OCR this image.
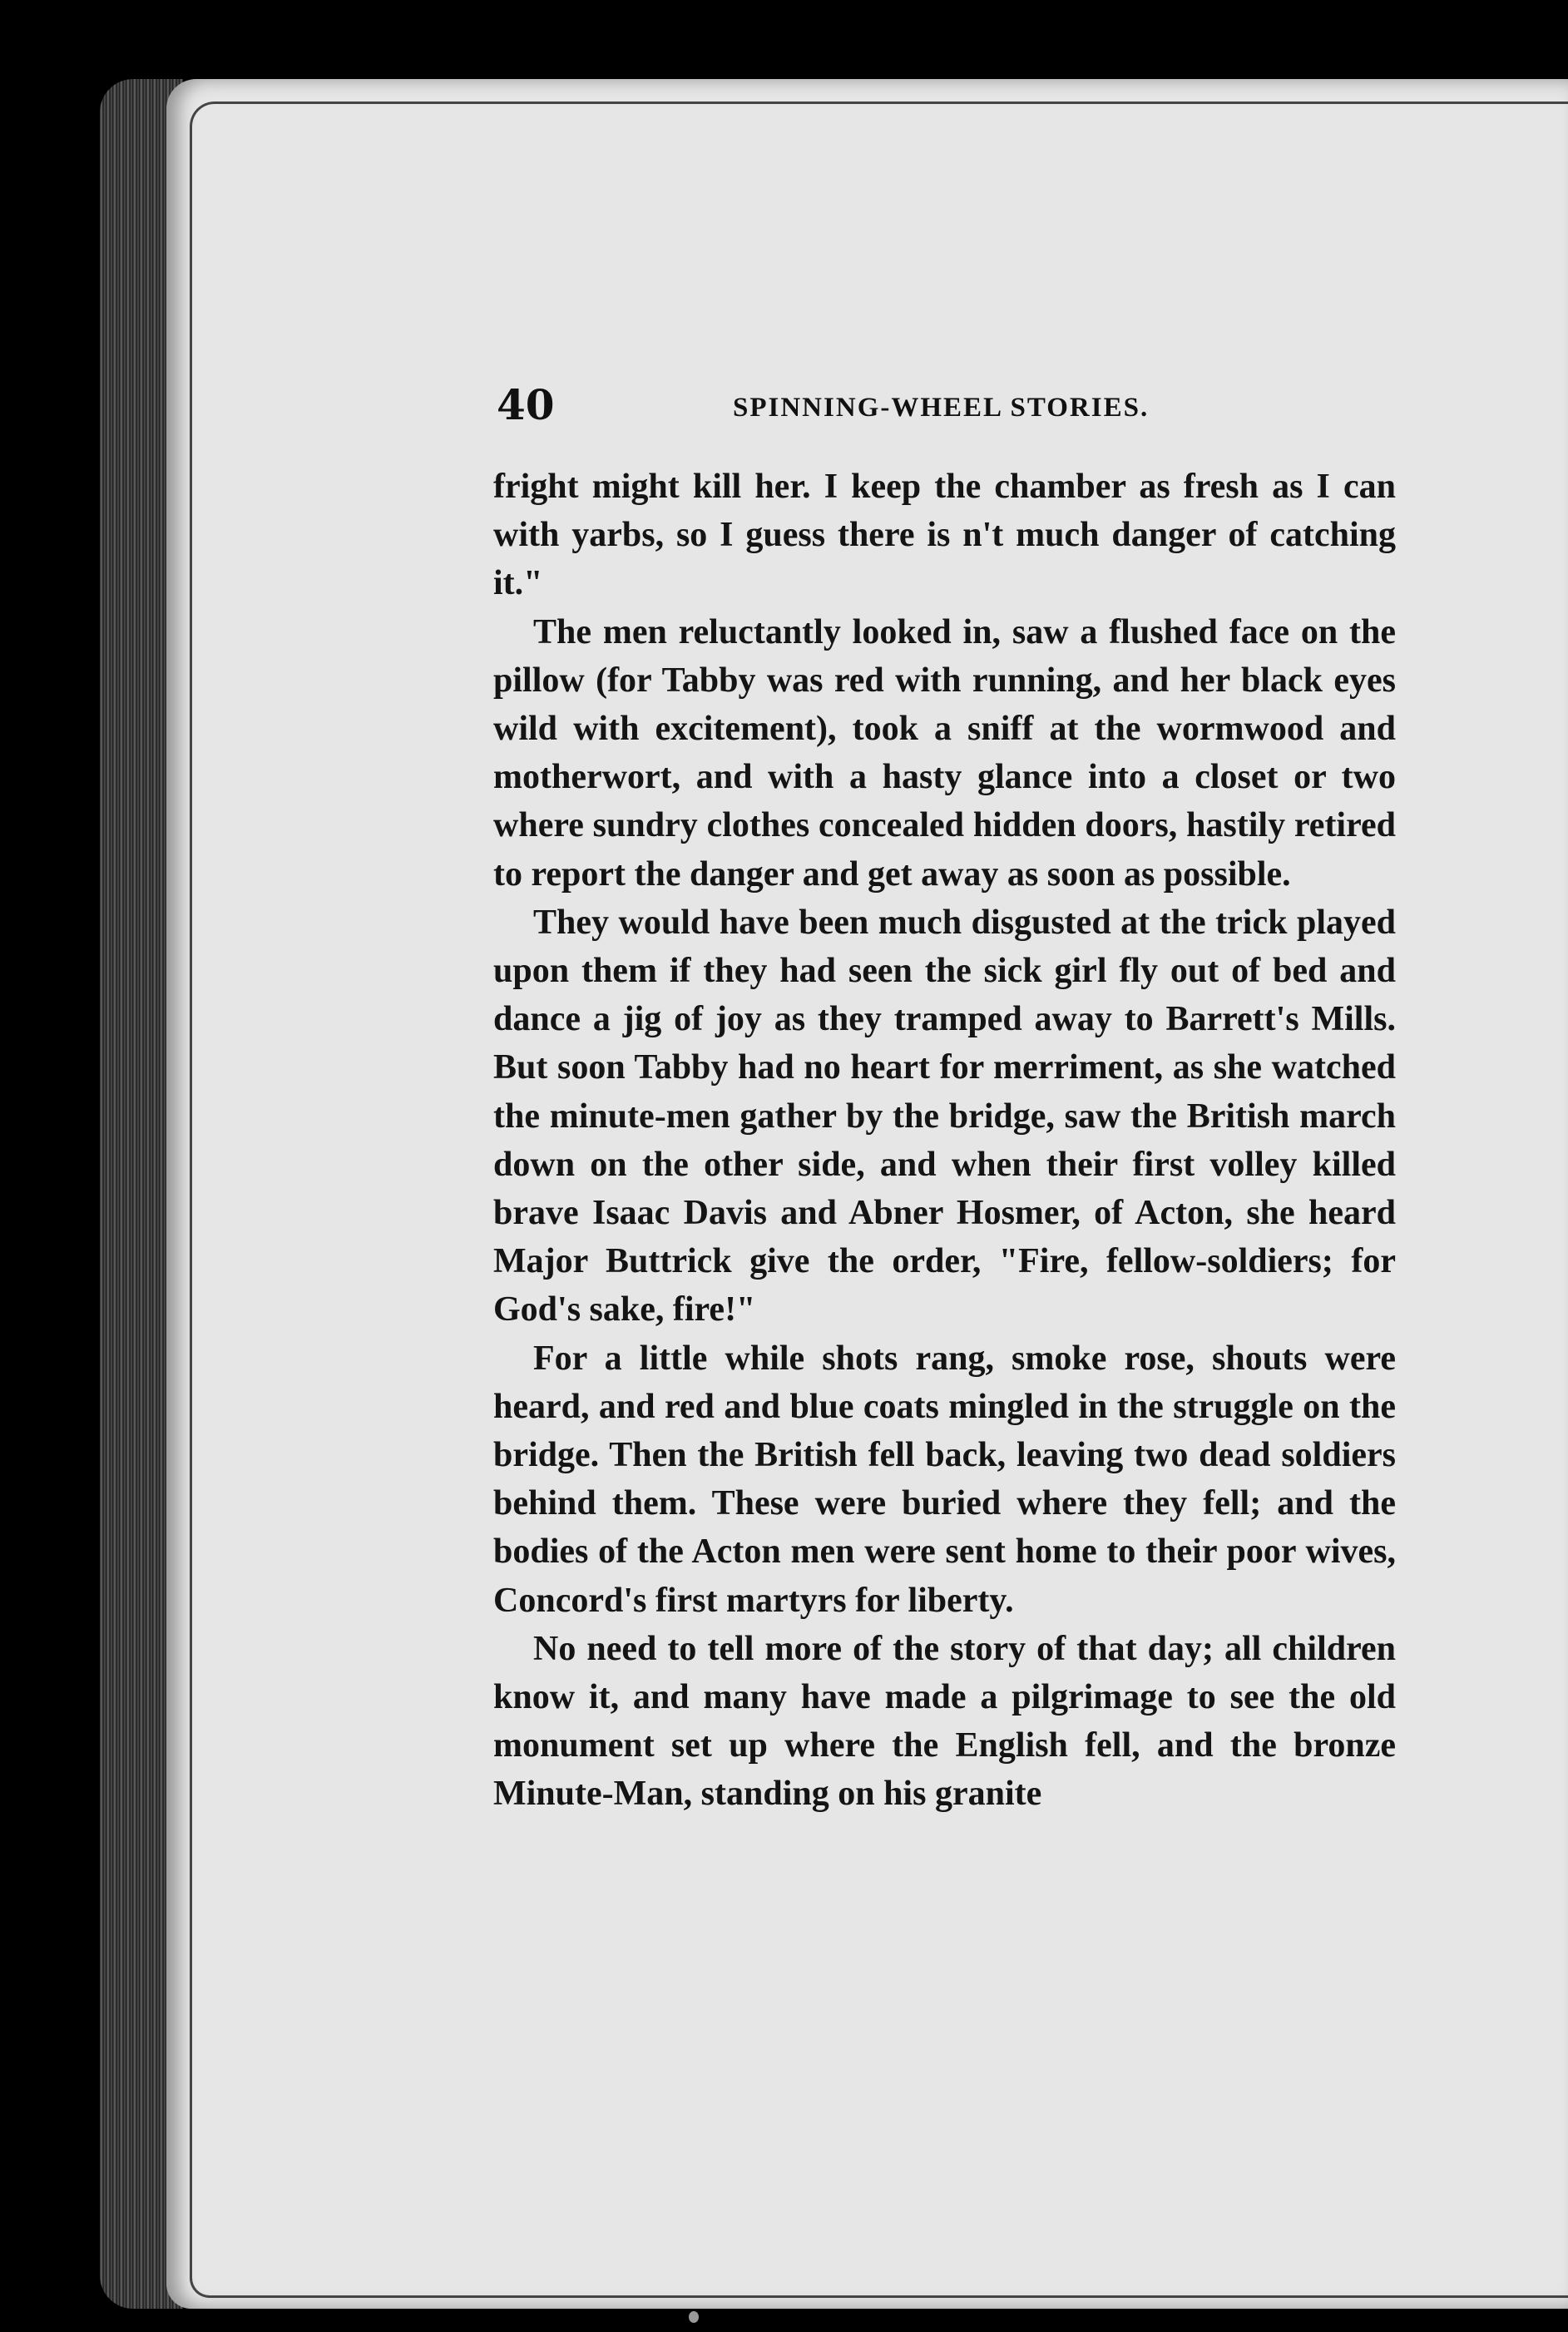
40	SPINNING-WHEEL STORIES.

fright might kill her. I keep the chamber as fresh as I can with yarbs, so I guess there is n't much danger of catching it."

The men reluctantly looked in, saw a flushed face on the pillow (for Tabby was red with running, and her black eyes wild with excitement), took a sniff at the wormwood and motherwort, and with a hasty glance into a closet or two where sundry clothes concealed hidden doors, hastily retired to report the danger and get away as soon as possible.

They would have been much disgusted at the trick played upon them if they had seen the sick girl fly out of bed and dance a jig of joy as they tramped away to Barrett's Mills. But soon Tabby had no heart for merriment, as she watched the minute-men gather by the bridge, saw the British march down on the other side, and when their first volley killed brave Isaac Davis and Abner Hosmer, of Acton, she heard Major Buttrick give the order, "Fire, fellow-soldiers; for God's sake, fire!"

For a little while shots rang, smoke rose, shouts were heard, and red and blue coats mingled in the struggle on the bridge. Then the British fell back, leaving two dead soldiers behind them. These were buried where they fell; and the bodies of the Acton men were sent home to their poor wives, Concord's first martyrs for liberty.

No need to tell more of the story of that day; all children know it, and many have made a pilgrimage to see the old monument set up where the English fell, and the bronze Minute-Man, standing on his granite
